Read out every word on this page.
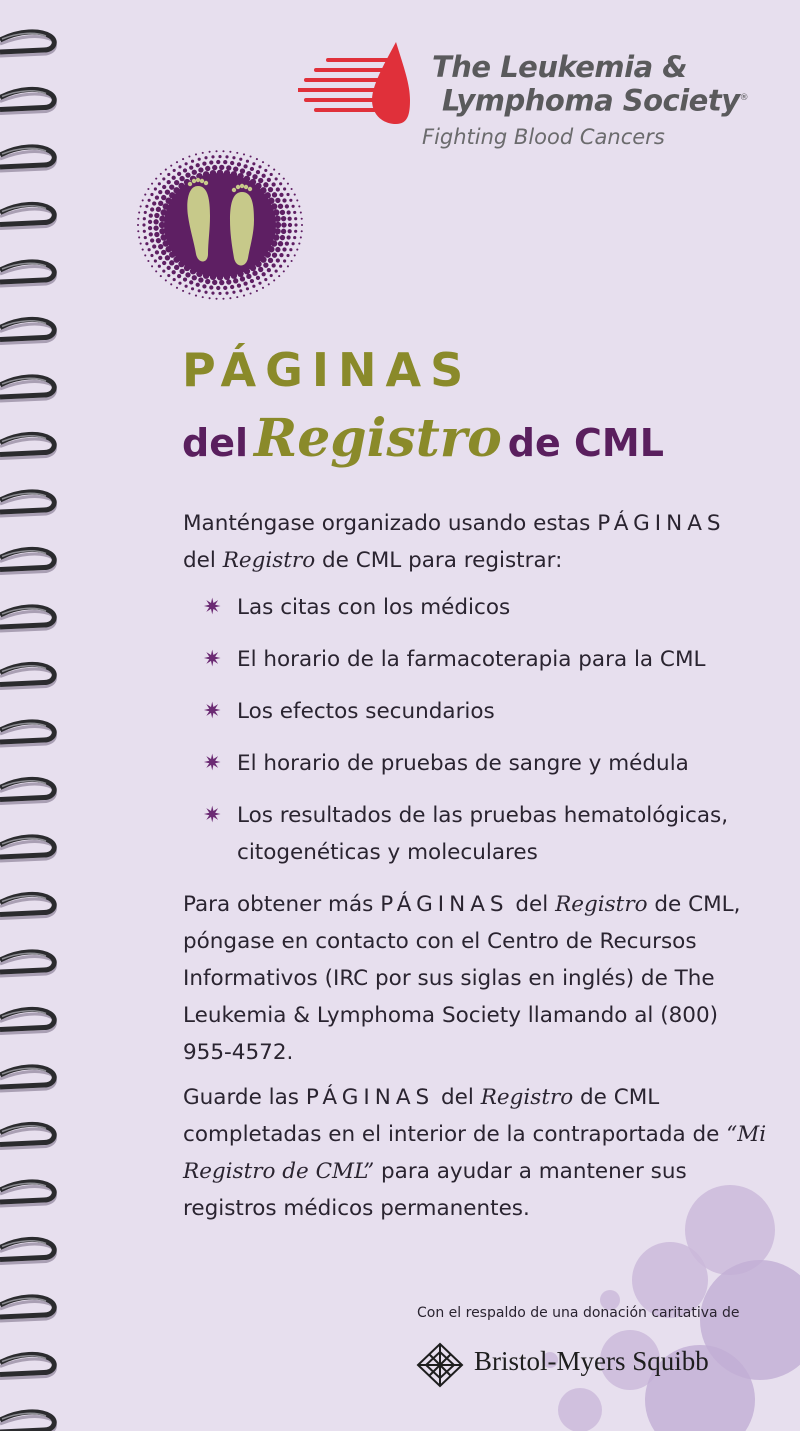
The Leukemia &
Lymphoma Society®
Fighting Blood Cancers
PÁGINAS
del Registro de CML

Manténgase organizado usando estas PÁGINAS
del Registro de CML para registrar:

✷ Las citas con los médicos
✷ El horario de la farmacoterapia para la CML
✷ Los efectos secundarios
✷ El horario de pruebas de sangre y médula
✷ Los resultados de las pruebas hematológicas, citogenéticas y moleculares

Para obtener más PÁGINAS del Registro de CML, póngase en contacto con el Centro de Recursos Informativos (IRC por sus siglas en inglés) de The Leukemia & Lymphoma Society llamando al (800) 955-4572.

Guarde las PÁGINAS del Registro de CML completadas en el interior de la contraportada de “Mi Registro de CML” para ayudar a mantener sus registros médicos permanentes.

Con el respaldo de una donación caritativa de
Bristol-Myers Squibb
